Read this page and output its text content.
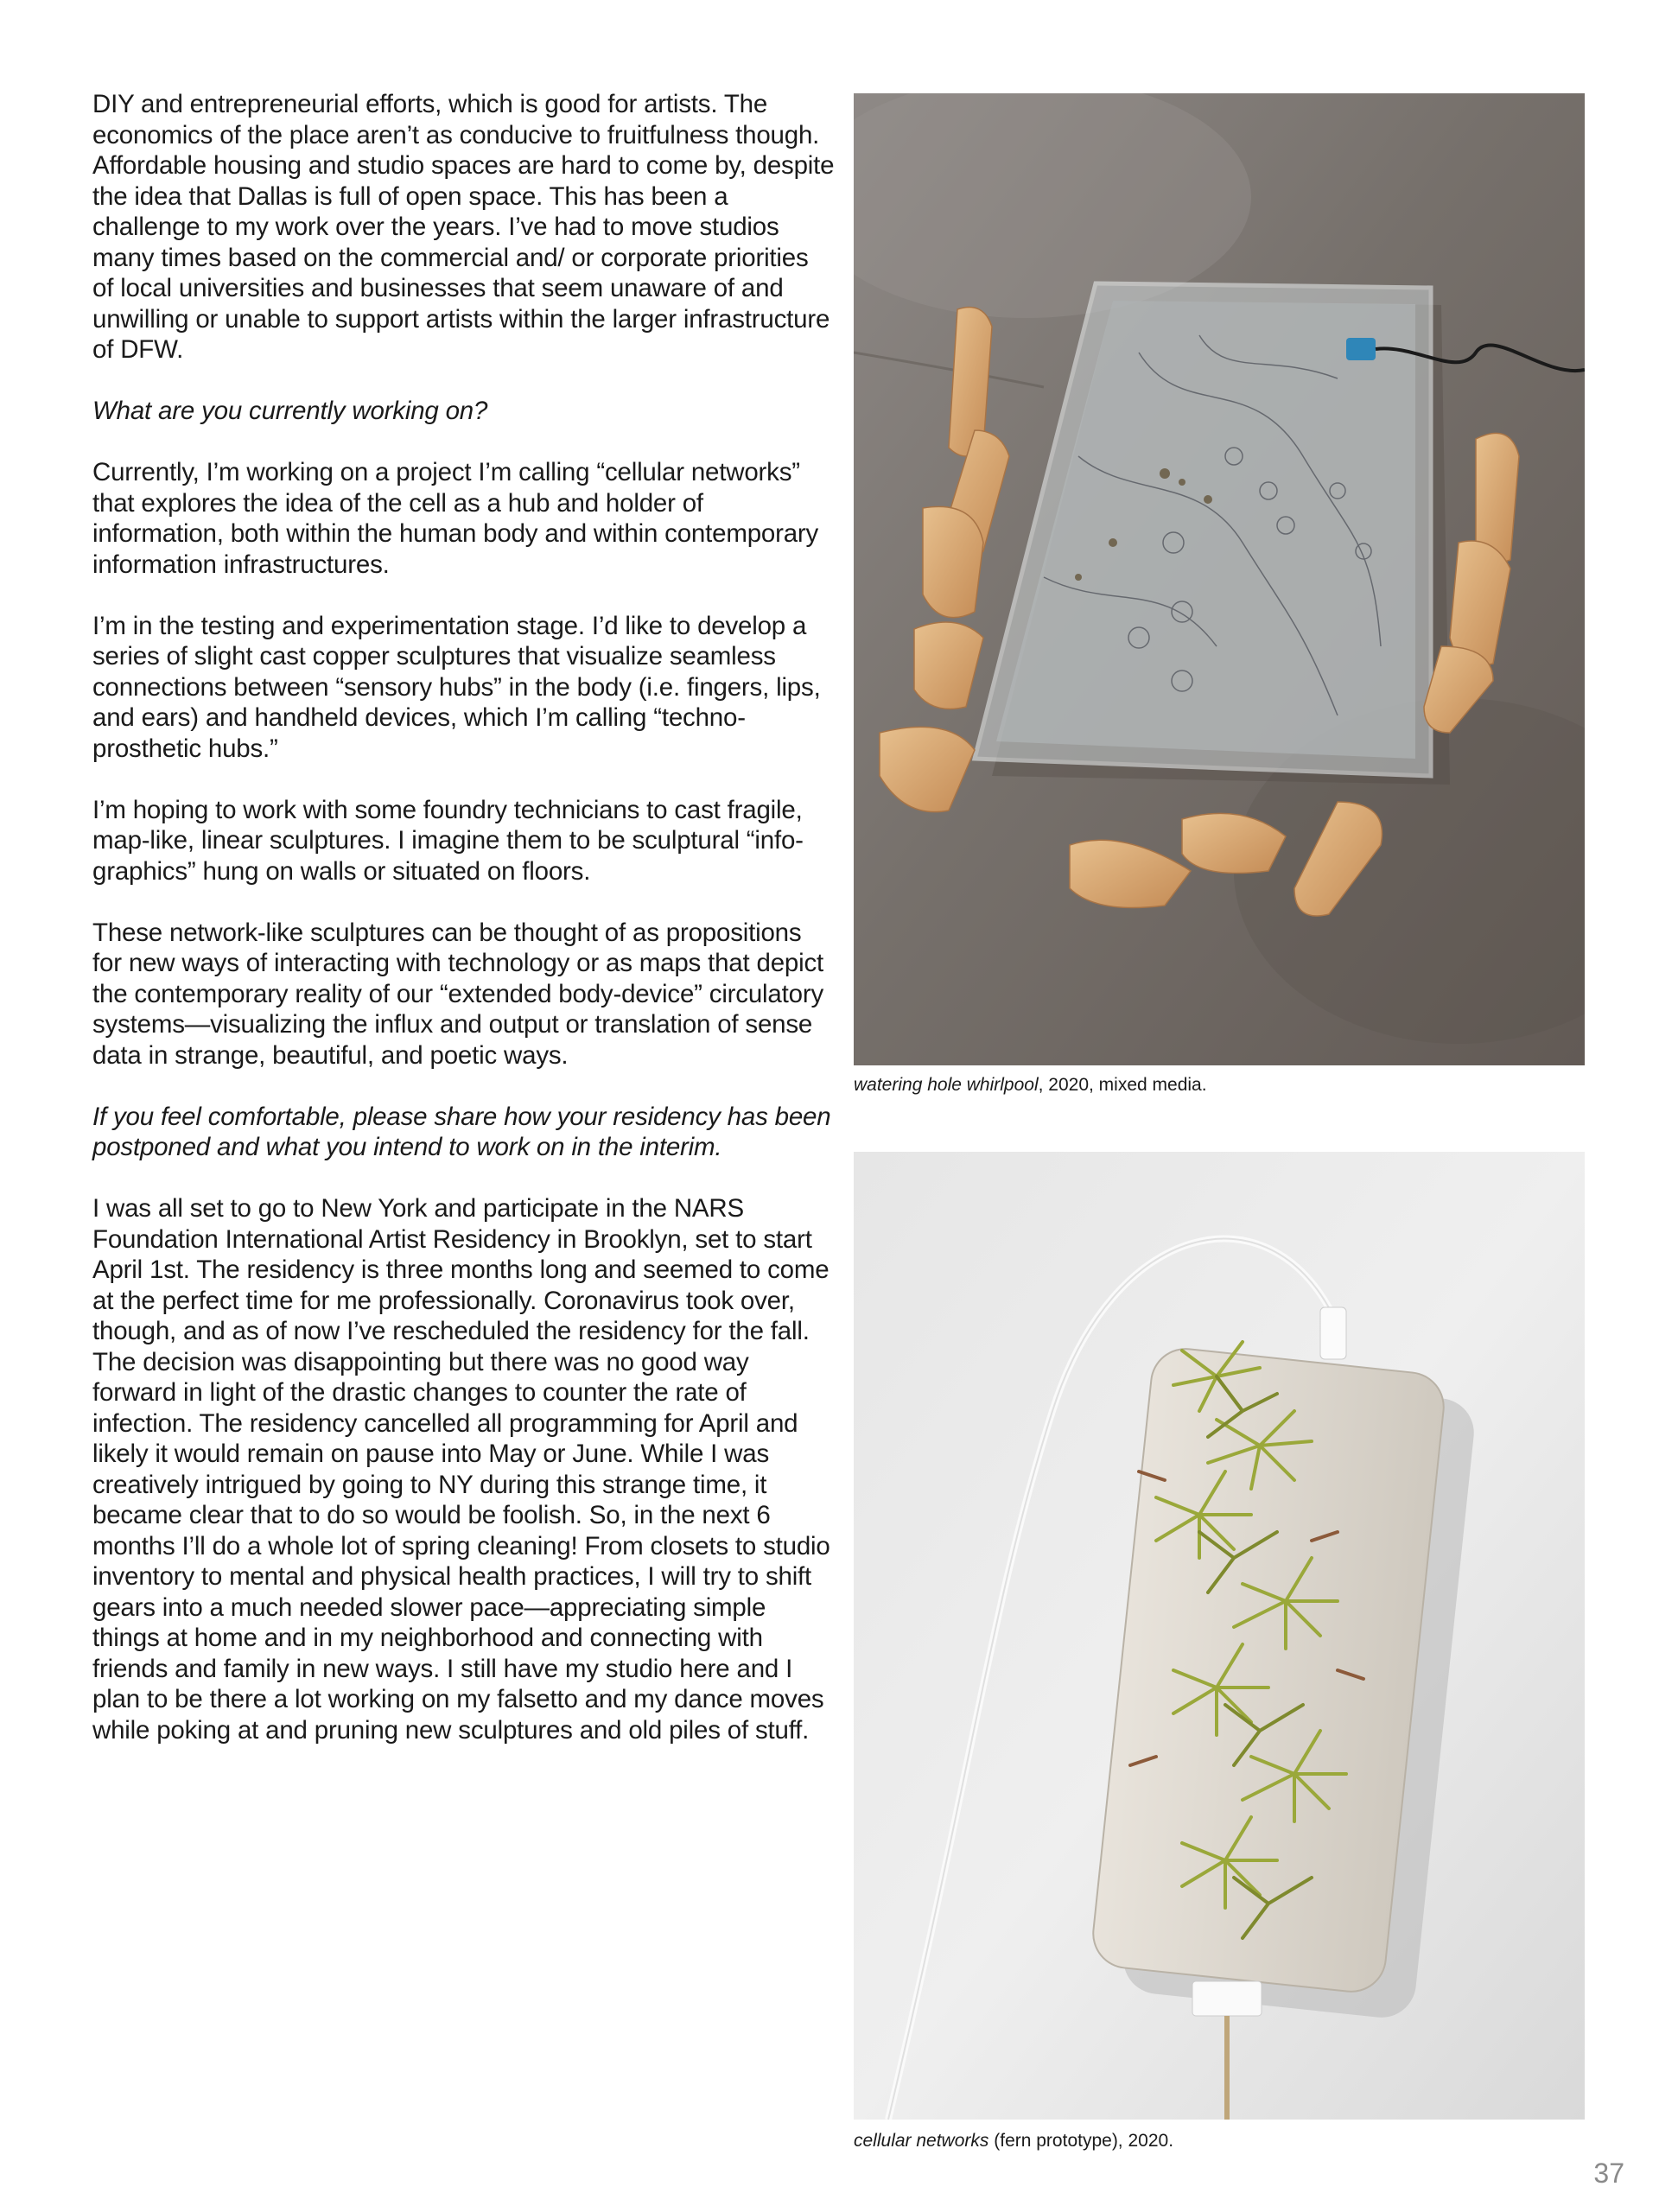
DIY and entrepreneurial efforts, which is good for artists. The economics of the place aren’t as conducive to fruitfulness though. Affordable housing and studio spaces are hard to come by, despite the idea that Dallas is full of open space. This has been a challenge to my work over the years. I’ve had to move studios many times based on the commercial and/ or corporate priorities of local universities and businesses that seem unaware of and unwilling or unable to support artists within the larger infrastructure of DFW.

What are you currently working on?

Currently, I’m working on a project I’m calling “cellular networks” that explores the idea of the cell as a hub and holder of information, both within the human body and within contemporary information infrastructures.

I’m in the testing and experimentation stage. I’d like to develop a series of slight cast copper sculptures that visualize seamless connections between “sensory hubs” in the body (i.e. fingers, lips, and ears) and handheld devices, which I’m calling “techno-prosthetic hubs.”

I’m hoping to work with some foundry technicians to cast fragile, map-like, linear sculptures. I imagine them to be sculptural “info-graphics” hung on walls or situated on floors.

These network-like sculptures can be thought of as propositions for new ways of interacting with technology or as maps that depict the contemporary reality of our “extended body-device” circulatory systems—visualizing the influx and output or translation of sense data in strange, beautiful, and poetic ways.

If you feel comfortable, please share how your residency has been postponed and what you intend to work on in the interim.

I was all set to go to New York and participate in the NARS Foundation International Artist Residency in Brooklyn, set to start April 1st. The residency is three months long and seemed to come at the perfect time for me professionally. Coronavirus took over, though, and as of now I’ve rescheduled the residency for the fall. The decision was disappointing but there was no good way forward in light of the drastic changes to counter the rate of infection. The residency cancelled all programming for April and likely it would remain on pause into May or June. While I was creatively intrigued by going to NY during this strange time, it became clear that to do so would be foolish. So, in the next 6 months I’ll do a whole lot of spring cleaning! From closets to studio inventory to mental and physical health practices, I will try to shift gears into a much needed slower pace—appreciating simple things at home and in my neighborhood and connecting with friends and family in new ways. I still have my studio here and I plan to be there a lot working on my falsetto and my dance moves while poking at and pruning new sculptures and old piles of stuff.

watering hole whirlpool, 2020, mixed media.
cellular networks (fern prototype), 2020.
37
